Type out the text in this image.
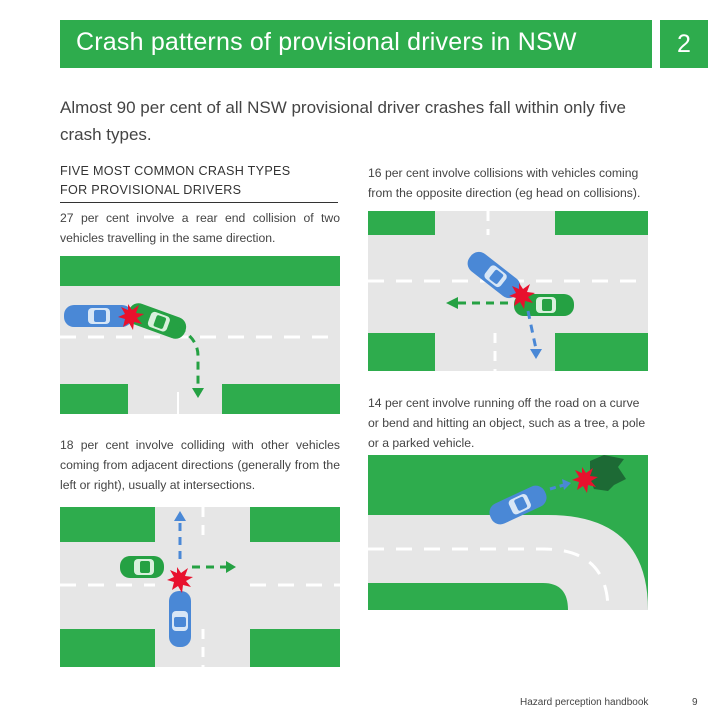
Crash patterns of provisional drivers in NSW	2
Almost 90 per cent of all NSW provisional driver crashes fall within only five crash types.
FIVE MOST COMMON CRASH TYPES
FOR PROVISIONAL DRIVERS
27 per cent involve a rear end collision of two vehicles travelling in the same direction.
16 per cent involve collisions with vehicles coming from the opposite direction (eg head on collisions).
18 per cent involve colliding with other vehicles coming from adjacent directions (generally from the left or right), usually at intersections.
14 per cent involve running off the road on a curve or bend and hitting an object, such as a tree, a pole or a parked vehicle.
Hazard perception handbook	9
